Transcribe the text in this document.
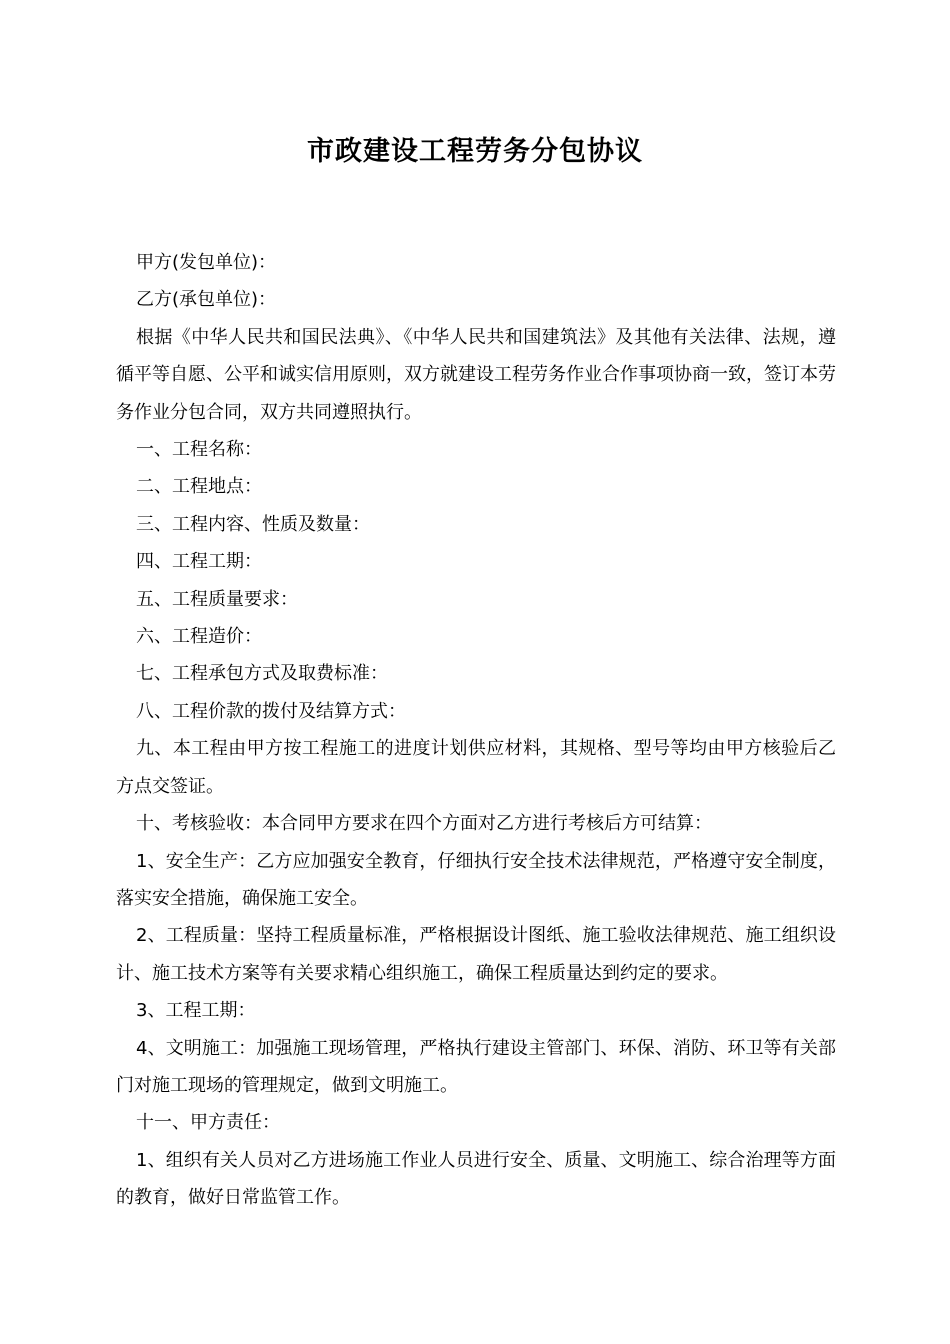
市政建设工程劳务分包协议

甲方(发包单位)：

乙方(承包单位)：

根据《中华人民共和国民法典》、《中华人民共和国建筑法》及其他有关法律、法规，遵循平等自愿、公平和诚实信用原则，双方就建设工程劳务作业合作事项协商一致，签订本劳务作业分包合同，双方共同遵照执行。

一、工程名称：

二、工程地点：

三、工程内容、性质及数量：

四、工程工期：

五、工程质量要求：

六、工程造价：

七、工程承包方式及取费标准：

八、工程价款的拨付及结算方式：

九、本工程由甲方按工程施工的进度计划供应材料，其规格、型号等均由甲方核验后乙方点交签证。

十、考核验收：本合同甲方要求在四个方面对乙方进行考核后方可结算：

1、安全生产：乙方应加强安全教育，仔细执行安全技术法律规范，严格遵守安全制度，落实安全措施，确保施工安全。

2、工程质量：坚持工程质量标准，严格根据设计图纸、施工验收法律规范、施工组织设计、施工技术方案等有关要求精心组织施工，确保工程质量达到约定的要求。

3、工程工期：

4、文明施工：加强施工现场管理，严格执行建设主管部门、环保、消防、环卫等有关部门对施工现场的管理规定，做到文明施工。

十一、甲方责任：

1、组织有关人员对乙方进场施工作业人员进行安全、质量、文明施工、综合治理等方面的教育，做好日常监管工作。
